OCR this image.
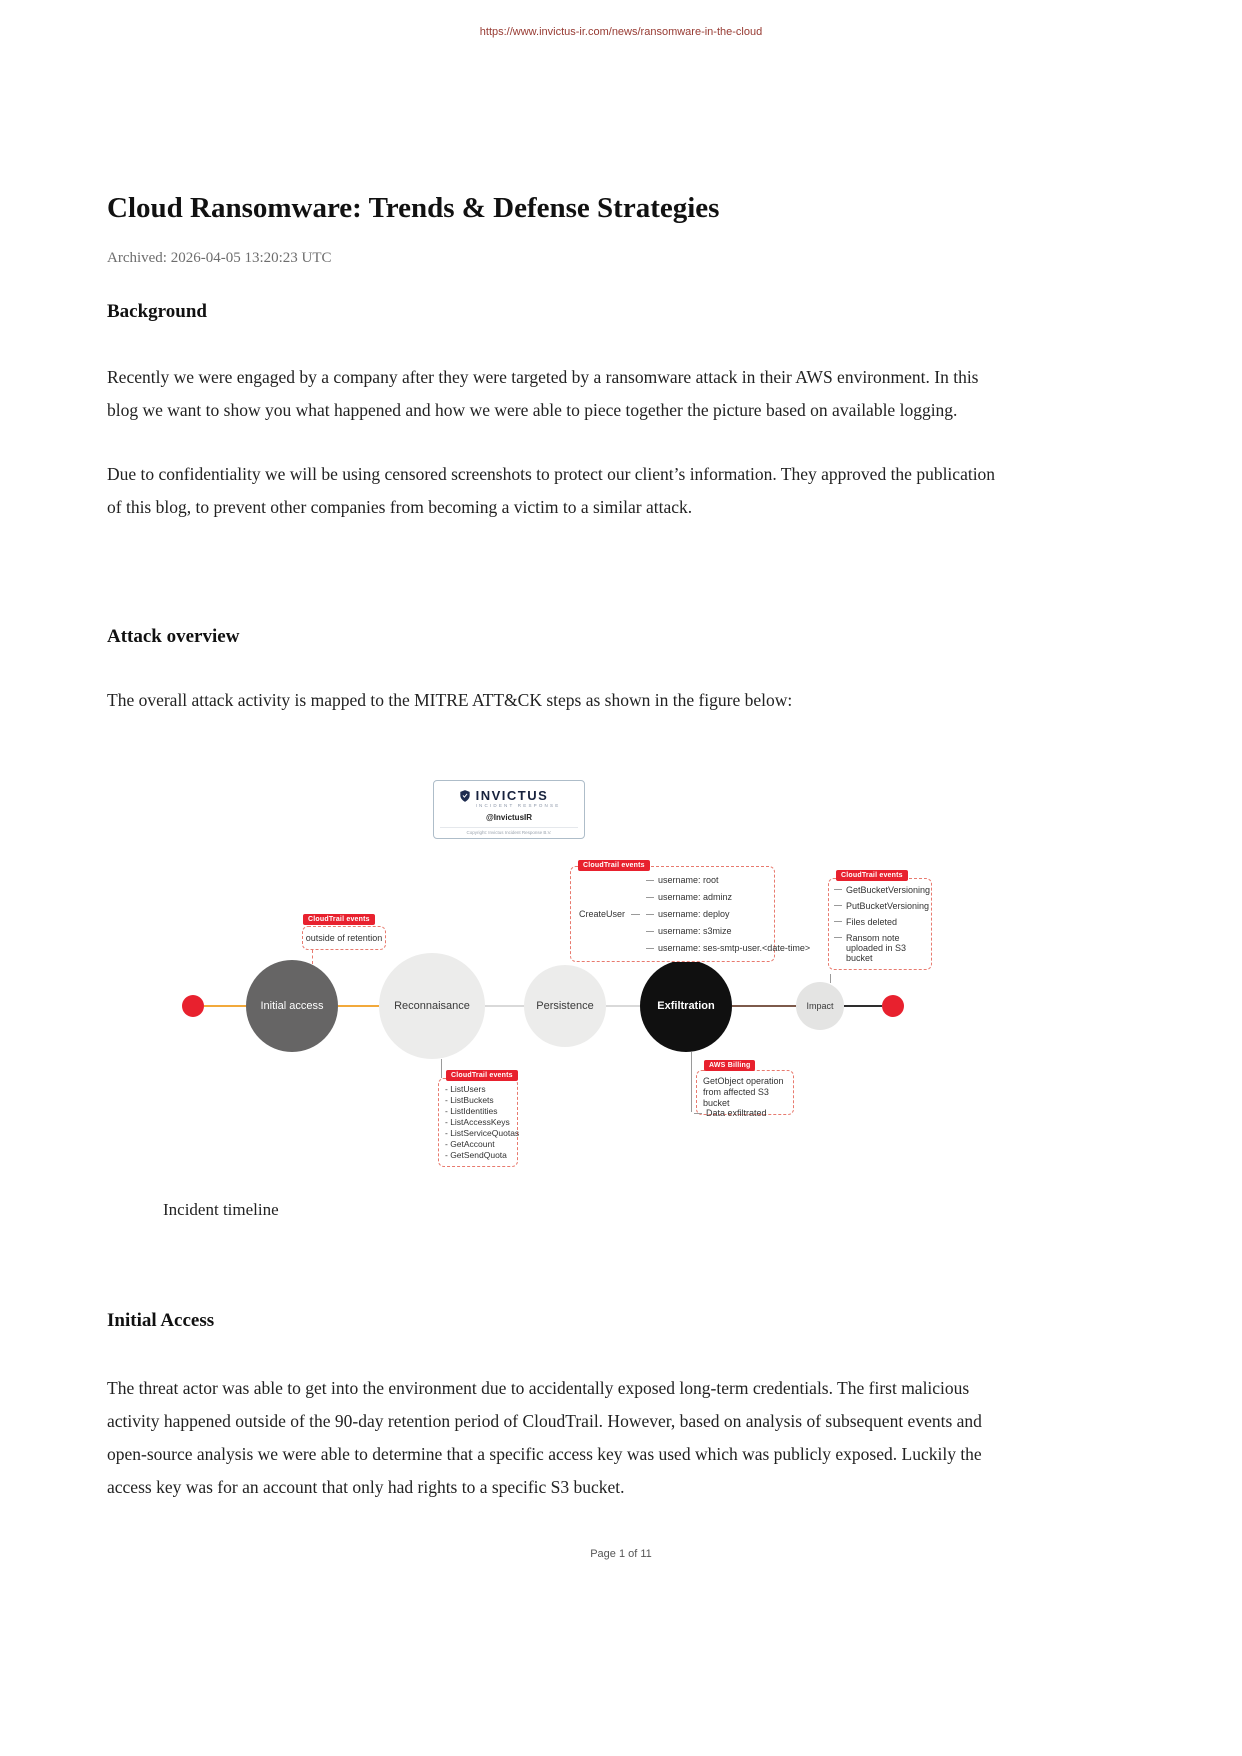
https://www.invictus-ir.com/news/ransomware-in-the-cloud
Cloud Ransomware: Trends & Defense Strategies
Archived: 2026-04-05 13:20:23 UTC
Background

Recently we were engaged by a company after they were targeted by a ransomware attack in their AWS environment. In this blog we want to show you what happened and how we were able to piece together the picture based on available logging.

Due to confidentiality we will be using censored screenshots to protect our client’s information. They approved the publication of this blog, to prevent other companies from becoming a victim to a similar attack.

Attack overview

The overall attack activity is mapped to the MITRE ATT&CK steps as shown in the figure below:

INVICTUS
INCIDENT RESPONSE
@InvictusIR
Copyright: Invictus Incident Response B.V.
Initial access	Reconnaisance	Persistence	Exfiltration	Impact
CloudTrail events
outside of retention
CloudTrail events
CreateUser
username: root
username: adminz
username: deploy
username: s3mize
username: ses-smtp-user.<date-time>
CloudTrail events
GetBucketVersioning
PutBucketVersioning
Files deleted
Ransom note uploaded in S3 bucket
CloudTrail events
- ListUsers
- ListBuckets
- ListIdentities
- ListAccessKeys
- ListServiceQuotas
- GetAccount
- GetSendQuota
AWS Billing
GetObject operation from affected S3 bucket
Data exfiltrated
Incident timeline
Initial Access

The threat actor was able to get into the environment due to accidentally exposed long-term credentials. The first malicious activity happened outside of the 90-day retention period of CloudTrail. However, based on analysis of subsequent events and open-source analysis we were able to determine that a specific access key was used which was publicly exposed. Luckily the access key was for an account that only had rights to a specific S3 bucket.

Page 1 of 11
